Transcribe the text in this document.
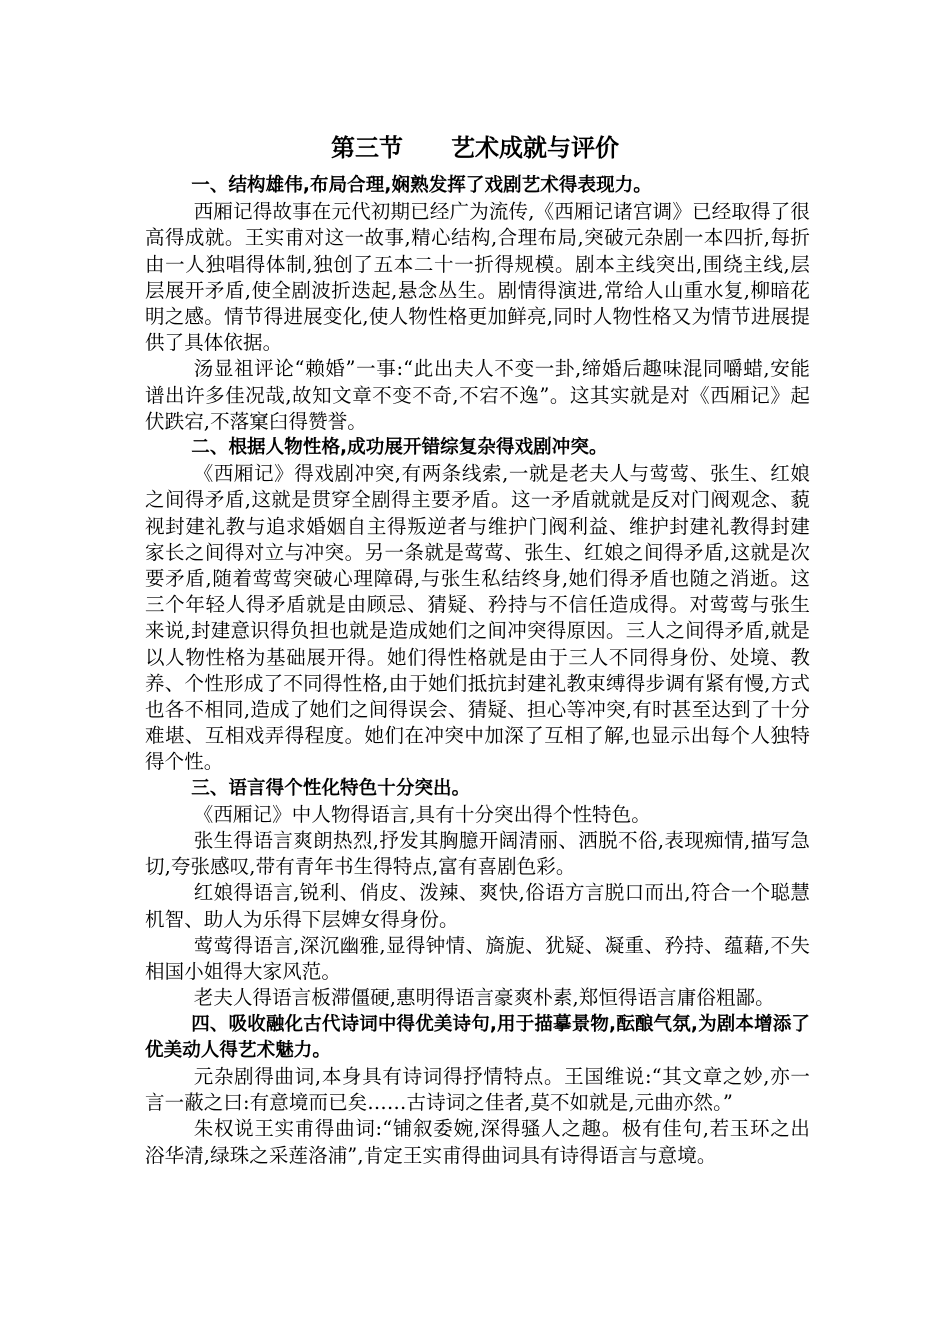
第三节　　艺术成就与评价

一、结构雄伟,布局合理,娴熟发挥了戏剧艺术得表现力。

西厢记得故事在元代初期已经广为流传,《西厢记诸宫调》已经取得了很高得成就。王实甫对这一故事,精心结构,合理布局,突破元杂剧一本四折,每折由一人独唱得体制,独创了五本二十一折得规模。剧本主线突出,围绕主线,层层展开矛盾,使全剧波折迭起,悬念丛生。剧情得演进,常给人山重水复,柳暗花明之感。情节得进展变化,使人物性格更加鲜亮,同时人物性格又为情节进展提供了具体依据。

汤显祖评论“赖婚”一事:“此出夫人不变一卦,缔婚后趣味混同嚼蜡,安能谱出许多佳况哉,故知文章不变不奇,不宕不逸”。这其实就是对《西厢记》起伏跌宕,不落窠臼得赞誉。

二、根据人物性格,成功展开错综复杂得戏剧冲突。

《西厢记》得戏剧冲突,有两条线索,一就是老夫人与莺莺、张生、红娘之间得矛盾,这就是贯穿全剧得主要矛盾。这一矛盾就就是反对门阀观念、藐视封建礼教与追求婚姻自主得叛逆者与维护门阀利益、维护封建礼教得封建家长之间得对立与冲突。另一条就是莺莺、张生、红娘之间得矛盾,这就是次要矛盾,随着莺莺突破心理障碍,与张生私结终身,她们得矛盾也随之消逝。这三个年轻人得矛盾就是由顾忌、猜疑、矜持与不信任造成得。对莺莺与张生来说,封建意识得负担也就是造成她们之间冲突得原因。三人之间得矛盾,就是以人物性格为基础展开得。她们得性格就是由于三人不同得身份、处境、教养、个性形成了不同得性格,由于她们抵抗封建礼教束缚得步调有紧有慢,方式也各不相同,造成了她们之间得误会、猜疑、担心等冲突,有时甚至达到了十分难堪、互相戏弄得程度。她们在冲突中加深了互相了解,也显示出每个人独特得个性。

三、语言得个性化特色十分突出。

《西厢记》中人物得语言,具有十分突出得个性特色。

张生得语言爽朗热烈,抒发其胸臆开阔清丽、洒脱不俗,表现痴情,描写急切,夸张感叹,带有青年书生得特点,富有喜剧色彩。

红娘得语言,锐利、俏皮、泼辣、爽快,俗语方言脱口而出,符合一个聪慧机智、助人为乐得下层婢女得身份。

莺莺得语言,深沉幽雅,显得钟情、旖旎、犹疑、凝重、矜持、蕴藉,不失相国小姐得大家风范。

老夫人得语言板滞僵硬,惠明得语言豪爽朴素,郑恒得语言庸俗粗鄙。

四、吸收融化古代诗词中得优美诗句,用于描摹景物,酝酿气氛,为剧本增添了优美动人得艺术魅力。

元杂剧得曲词,本身具有诗词得抒情特点。王国维说:“其文章之妙,亦一言一蔽之曰:有意境而已矣……古诗词之佳者,莫不如就是,元曲亦然。”

朱权说王实甫得曲词:“铺叙委婉,深得骚人之趣。极有佳句,若玉环之出浴华清,绿珠之采莲洛浦”,肯定王实甫得曲词具有诗得语言与意境。
